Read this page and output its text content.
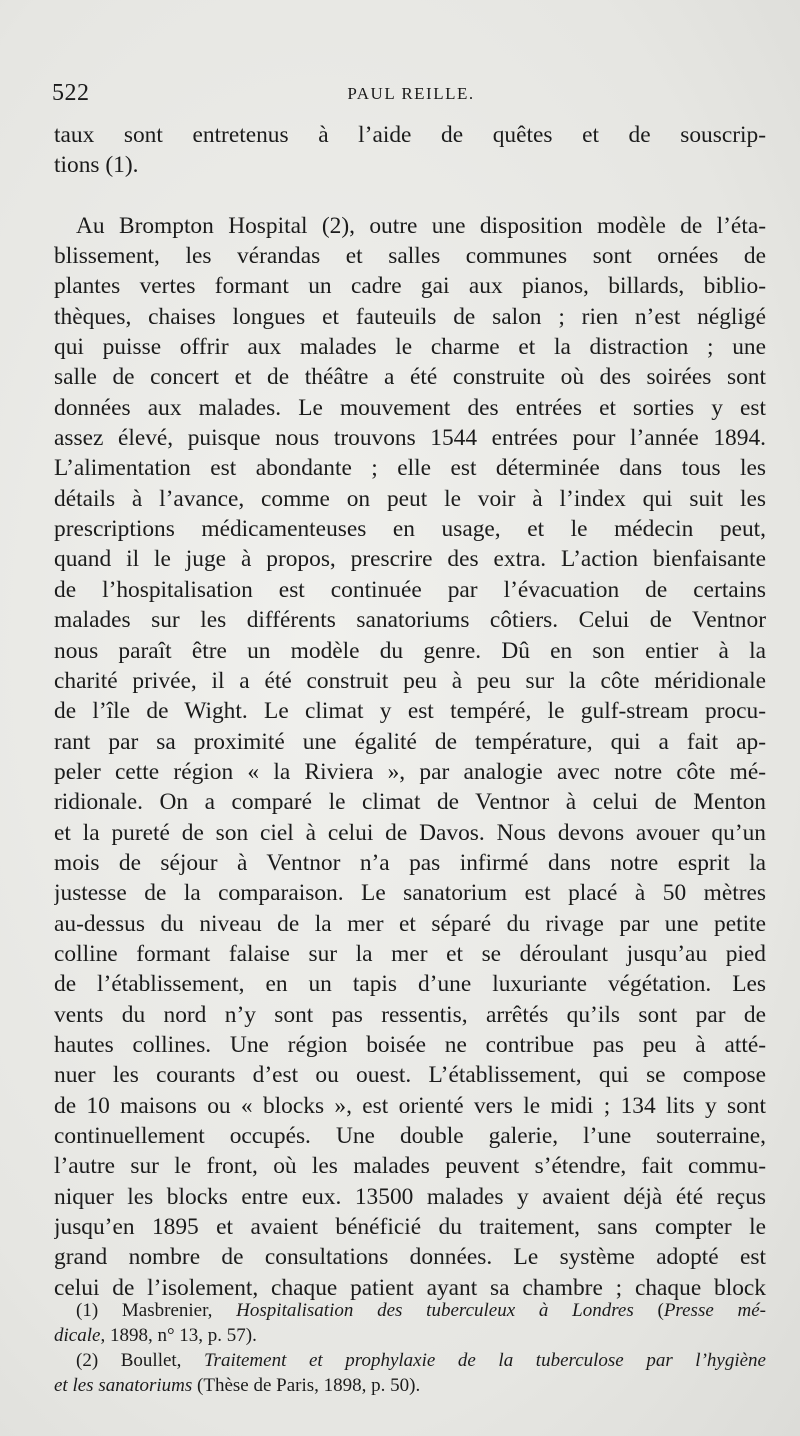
522	PAUL REILLE.
taux sont entretenus à l’aide de quêtes et de souscrip-
tions (1).
Au Brompton Hospital (2), outre une disposition modèle de l’éta-
blissement, les vérandas et salles communes sont ornées de
plantes vertes formant un cadre gai aux pianos, billards, biblio-
thèques, chaises longues et fauteuils de salon ; rien n’est négligé
qui puisse offrir aux malades le charme et la distraction ; une
salle de concert et de théâtre a été construite où des soirées sont
données aux malades. Le mouvement des entrées et sorties y est
assez élevé, puisque nous trouvons 1544 entrées pour l’année 1894.
L’alimentation est abondante ; elle est déterminée dans tous les
détails à l’avance, comme on peut le voir à l’index qui suit les
prescriptions médicamenteuses en usage, et le médecin peut,
quand il le juge à propos, prescrire des extra. L’action bienfaisante
de l’hospitalisation est continuée par l’évacuation de certains
malades sur les différents sanatoriums côtiers. Celui de Ventnor
nous paraît être un modèle du genre. Dû en son entier à la
charité privée, il a été construit peu à peu sur la côte méridionale
de l’île de Wight. Le climat y est tempéré, le gulf-stream procu-
rant par sa proximité une égalité de température, qui a fait ap-
peler cette région « la Riviera », par analogie avec notre côte mé-
ridionale. On a comparé le climat de Ventnor à celui de Menton
et la pureté de son ciel à celui de Davos. Nous devons avouer qu’un
mois de séjour à Ventnor n’a pas infirmé dans notre esprit la
justesse de la comparaison. Le sanatorium est placé à 50 mètres
au-dessus du niveau de la mer et séparé du rivage par une petite
colline formant falaise sur la mer et se déroulant jusqu’au pied
de l’établissement, en un tapis d’une luxuriante végétation. Les
vents du nord n’y sont pas ressentis, arrêtés qu’ils sont par de
hautes collines. Une région boisée ne contribue pas peu à atté-
nuer les courants d’est ou ouest. L’établissement, qui se compose
de 10 maisons ou « blocks », est orienté vers le midi ; 134 lits y sont
continuellement occupés. Une double galerie, l’une souterraine,
l’autre sur le front, où les malades peuvent s’étendre, fait commu-
niquer les blocks entre eux. 13500 malades y avaient déjà été reçus
jusqu’en 1895 et avaient bénéficié du traitement, sans compter le
grand nombre de consultations données. Le système adopté est
celui de l’isolement, chaque patient ayant sa chambre ; chaque block
(1) Masbrenier, Hospitalisation des tuberculeux à Londres (Presse mé-
dicale, 1898, n° 13, p. 57).
(2) Boullet, Traitement et prophylaxie de la tuberculose par l’hygiène
et les sanatoriums (Thèse de Paris, 1898, p. 50).
